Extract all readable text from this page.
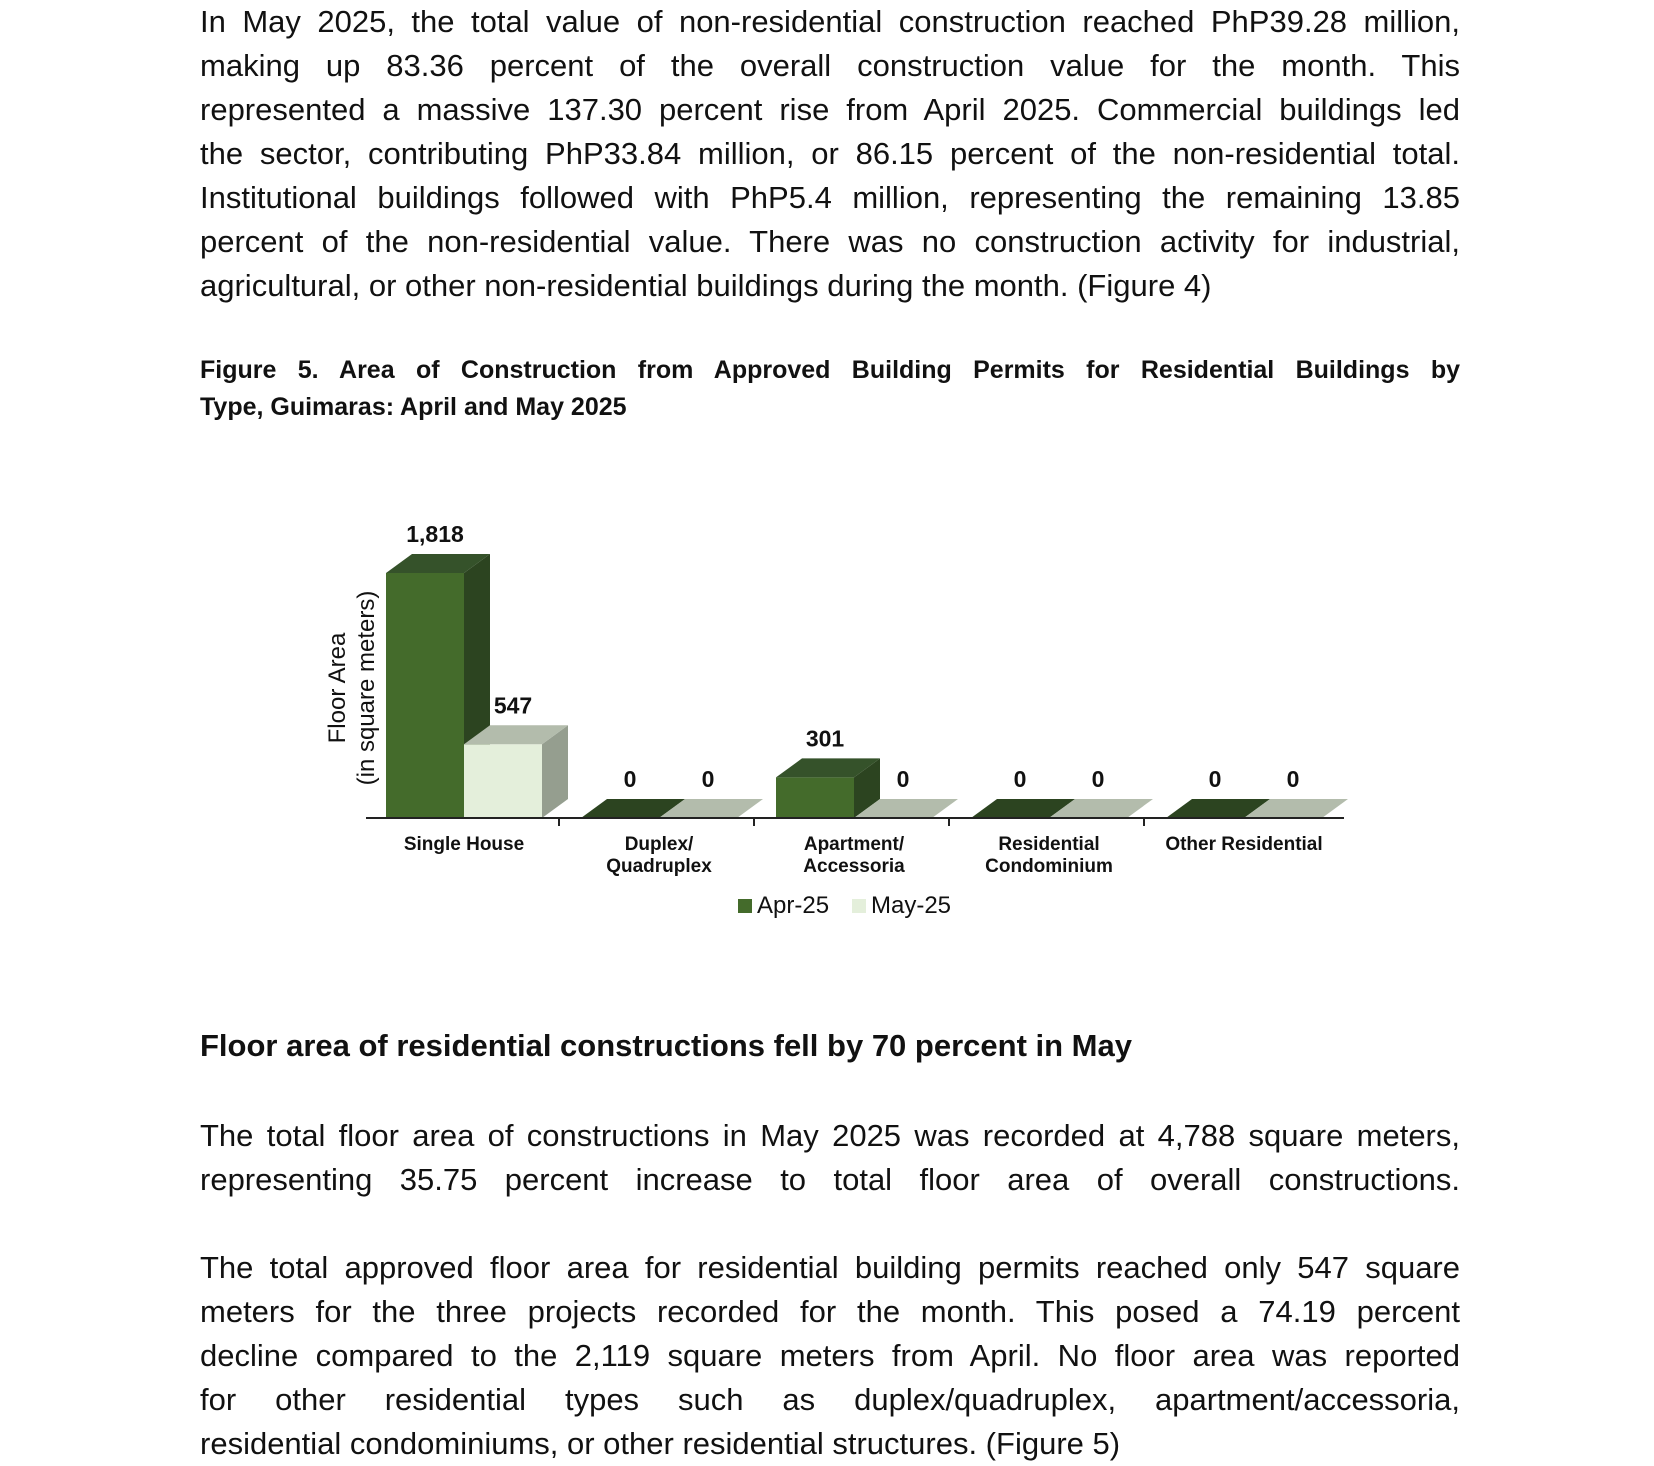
In May 2025, the total value of non-residential construction reached PhP39.28 million,
making up 83.36 percent of the overall construction value for the month. This
represented a massive 137.30 percent rise from April 2025. Commercial buildings led
the sector, contributing PhP33.84 million, or 86.15 percent of the non-residential total.
Institutional buildings followed with PhP5.4 million, representing the remaining 13.85
percent of the non-residential value. There was no construction activity for industrial,
agricultural, or other non-residential buildings during the month. (Figure 4)
Figure 5. Area of Construction from Approved Building Permits for Residential Buildings by
Type, Guimaras: April and May 2025
1,818
547
0	0
301
0	0	0	0	0
Single House	Duplex/
Quadruplex
Apartment/
Accessoria
Residential
Condominium
Other Residential
Floor Area (in square meters)
Apr-25 May-25
Floor area of residential constructions fell by 70 percent in May
The total floor area of constructions in May 2025 was recorded at 4,788 square meters,
representing 35.75 percent increase to total floor area of overall constructions.
The total approved floor area for residential building permits reached only 547 square
meters for the three projects recorded for the month. This posed a 74.19 percent
decline compared to the 2,119 square meters from April. No floor area was reported
for other residential types such as duplex/quadruplex, apartment/accessoria,
residential condominiums, or other residential structures. (Figure 5)
